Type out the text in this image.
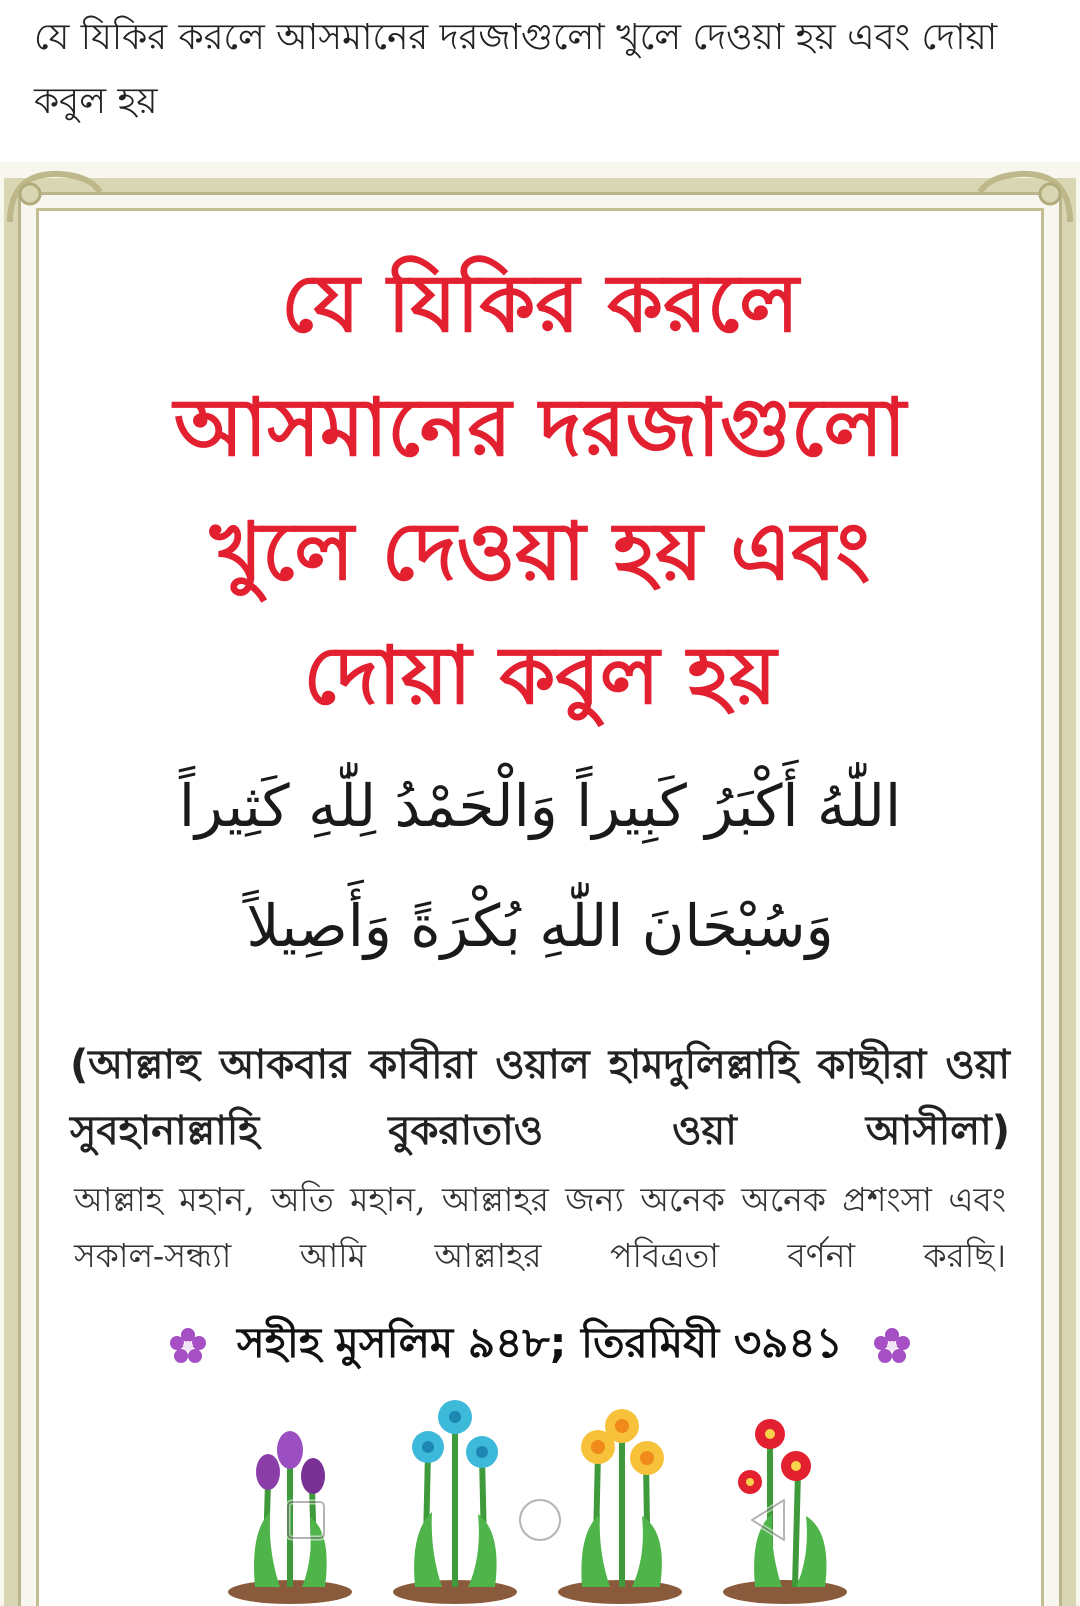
যে যিকির করলে আসমানের দরজাগুলো খুলে দেওয়া হয় এবং দোয়া কবুল হয়

যে যিকির করলে
আসমানের দরজাগুলো
খুলে দেওয়া হয় এবং
দোয়া কবুল হয়
اللّٰهُ أَكْبَرُ كَبِيراً وَالْحَمْدُ لِلّٰهِ كَثِيراً
وَسُبْحَانَ اللّٰهِ بُكْرَةً وَأَصِيلاً

(আল্লাহু আকবার কাবীরা ওয়াল হামদুলিল্লাহি কাছীরা ওয়া সুবহানাল্লাহি বুকরাতাও ওয়া আসীলা)

আল্লাহ মহান, অতি মহান, আল্লাহর জন্য অনেক অনেক প্রশংসা এবং সকাল-সন্ধ্যা আমি আল্লাহর পবিত্রতা বর্ণনা করছি।

সহীহ মুসলিম ৯৪৮; তিরমিযী ৩৯৪১
